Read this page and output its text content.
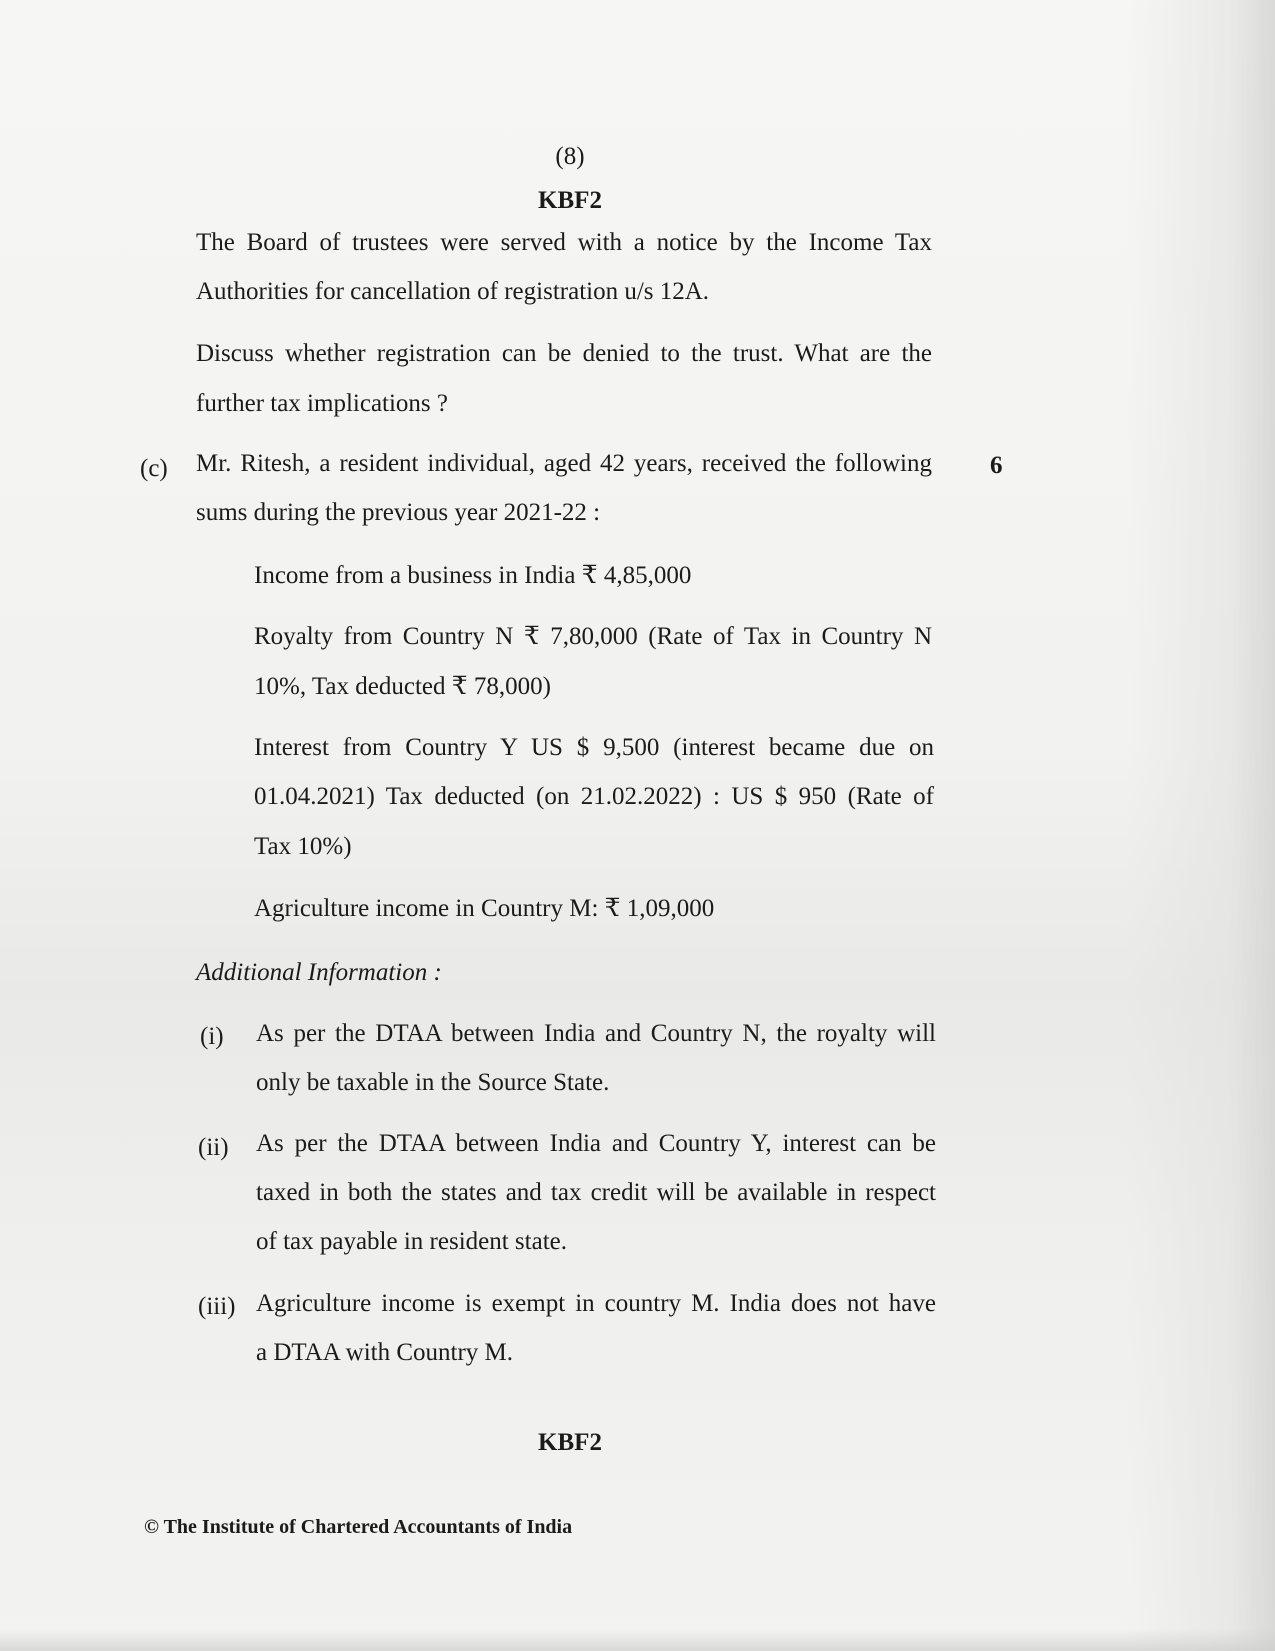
(8)

KBF2

The Board of trustees were served with a notice by the Income Tax

Authorities for cancellation of registration u/s 12A.

Discuss whether registration can be denied to the trust. What are the

further tax implications ?

(c)	6

Mr. Ritesh, a resident individual, aged 42 years, received the following

sums during the previous year 2021-22 :

Income from a business in India ₹ 4,85,000

Royalty from Country N ₹ 7,80,000 (Rate of Tax in Country N

10%, Tax deducted ₹ 78,000)

Interest from Country Y US $ 9,500 (interest became due on

01.04.2021) Tax deducted (on 21.02.2022) : US $ 950 (Rate of

Tax 10%)

Agriculture income in Country M: ₹ 1,09,000

Additional Information :

(i) As per the DTAA between India and Country N, the royalty will

only be taxable in the Source State.

(ii) As per the DTAA between India and Country Y, interest can be

taxed in both the states and tax credit will be available in respect

of tax payable in resident state.

(iii) Agriculture income is exempt in country M. India does not have

a DTAA with Country M.

KBF2

© The Institute of Chartered Accountants of India
